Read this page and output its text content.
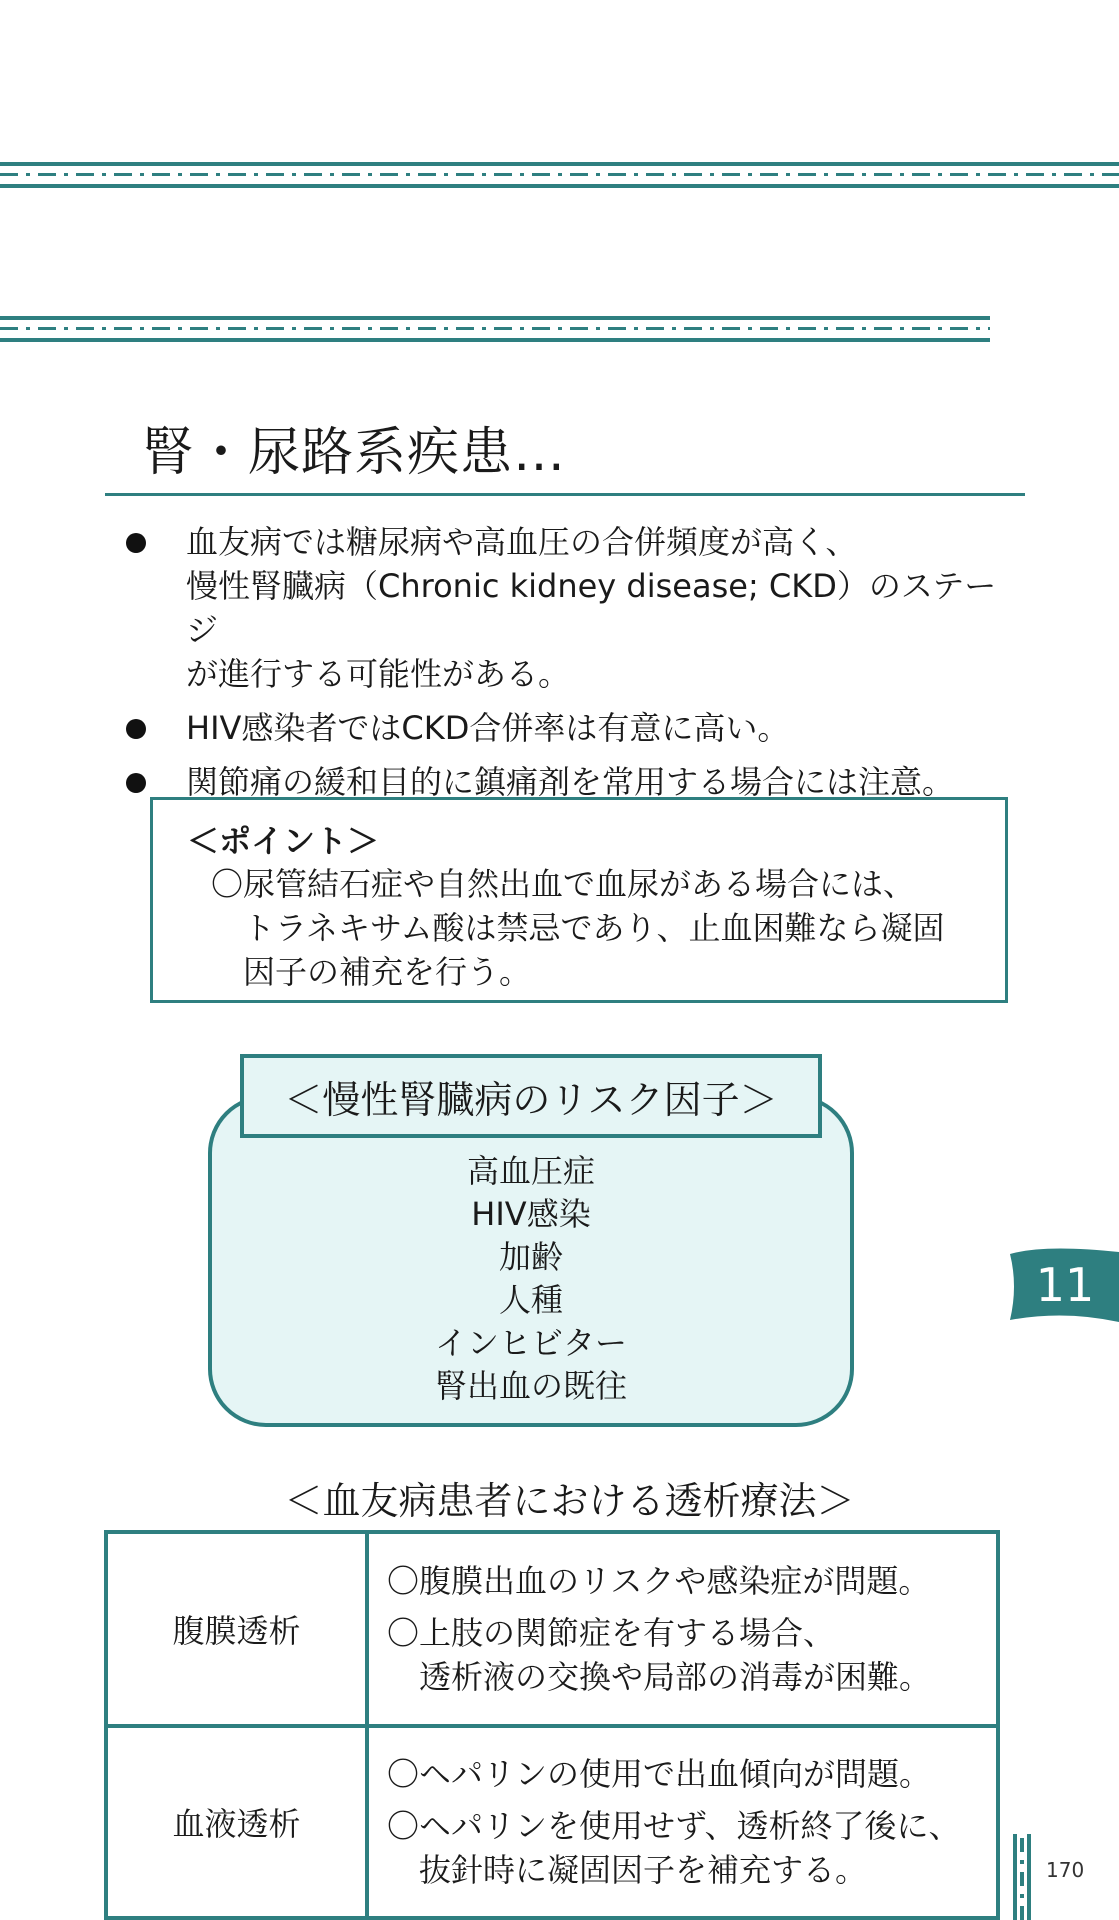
腎・尿路系疾患…
血友病では糖尿病や高血圧の合併頻度が高く、
慢性腎臓病（Chronic kidney disease; CKD）のステージ
が進行する可能性がある。
HIV感染者ではCKD合併率は有意に高い。
関節痛の緩和目的に鎮痛剤を常用する場合には注意。
＜ポイント＞
〇尿管結石症や自然出血で血尿がある場合には、
トラネキサム酸は禁忌であり、止血困難なら凝固
因子の補充を行う。
＜慢性腎臓病のリスク因子＞
高血圧症
HIV感染
加齢
人種
インヒビター
腎出血の既往
11
＜血友病患者における透析療法＞
腹膜透析	〇腹膜出血のリスクや感染症が問題。
〇上肢の関節症を有する場合、
透析液の交換や局部の消毒が困難。

血液透析	〇ヘパリンの使用で出血傾向が問題。
〇ヘパリンを使用せず、透析終了後に、
抜針時に凝固因子を補充する。	170
